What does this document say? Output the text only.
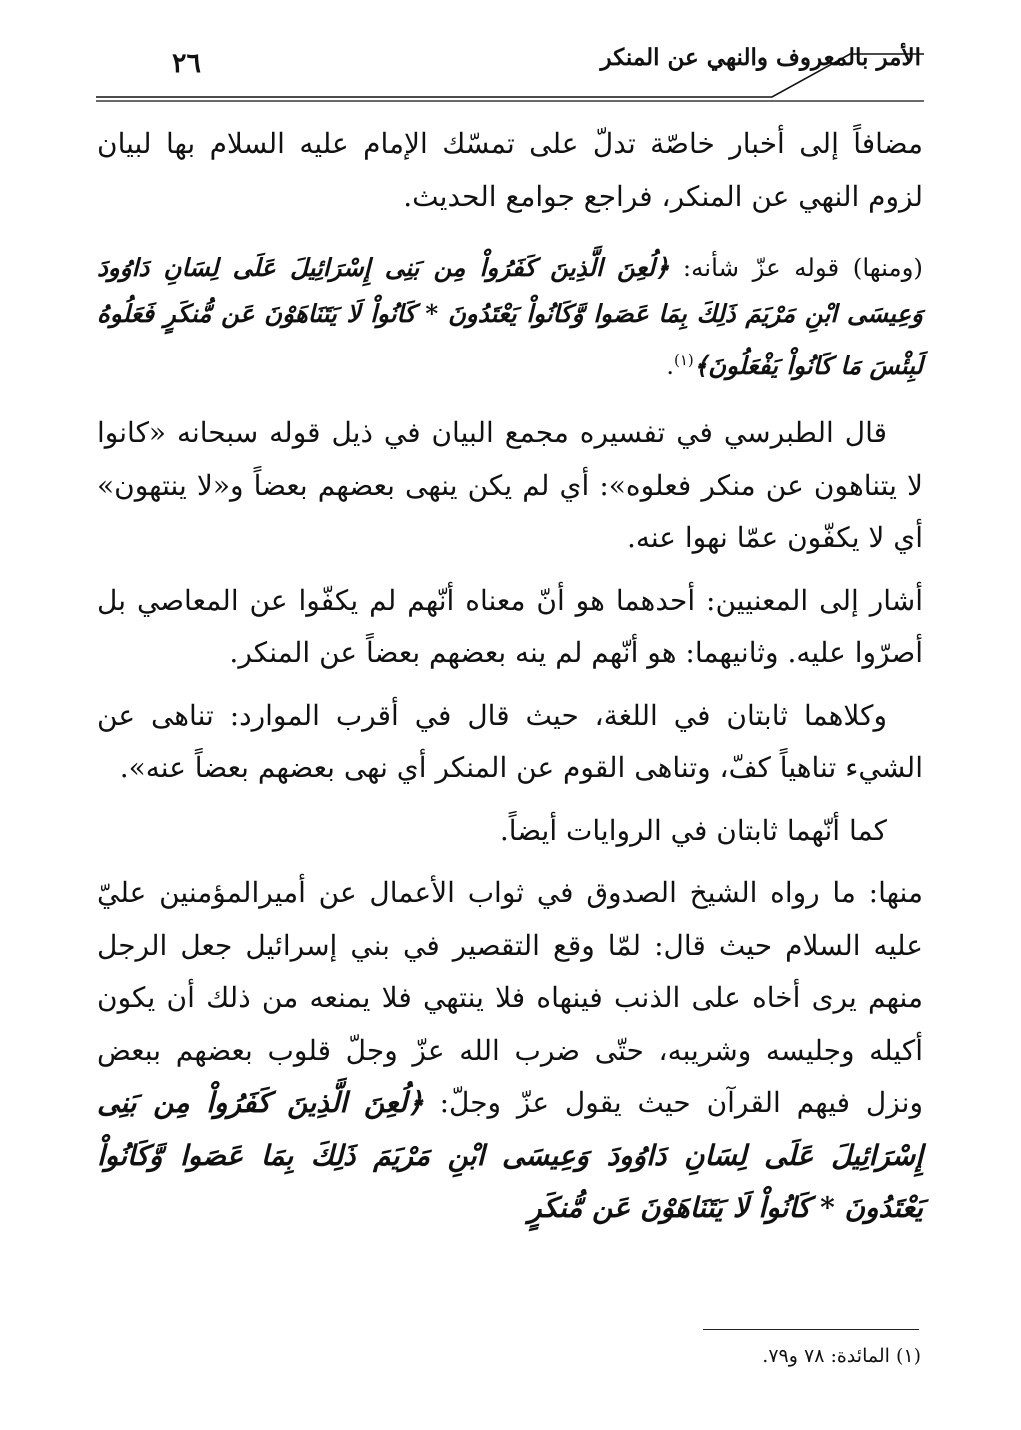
الأمر بالمعروف والنهي عن المنكر
٢٦

مضافاً إلى أخبار خاصّة تدلّ على تمسّك الإمام عليه السلام بها لبيان لزوم النهي عن المنكر، فراجع جوامع الحديث.

(ومنها) قوله عزّ شأنه: ﴿لُعِنَ الَّذِينَ كَفَرُواْ مِن بَنِى إِسْرَائِيلَ عَلَى لِسَانِ دَاوُودَ وَعِيسَى ابْنِ مَرْيَمَ ذَلِكَ بِمَا عَصَوا وَّكَانُواْ يَعْتَدُونَ * كَانُواْ لَا يَتَنَاهَوْنَ عَن مُّنكَرٍ فَعَلُوهُ لَبِئْسَ مَا كَانُواْ يَفْعَلُونَ﴾$^{(١)}$.

قال الطبرسي في تفسيره مجمع البيان في ذيل قوله سبحانه «كانوا لا يتناهون عن منكر فعلوه»: أي لم يكن ينهى بعضهم بعضاً و«لا ينتهون» أي لا يكفّون عمّا نهوا عنه.

أشار إلى المعنيين: أحدهما هو أنّ معناه أنّهم لم يكفّوا عن المعاصي بل أصرّوا عليه. وثانيهما: هو أنّهم لم ينه بعضهم بعضاً عن المنكر.

وكلاهما ثابتان في اللغة، حيث قال في أقرب الموارد: تناهى عن الشيء تناهياً كفّ، وتناهى القوم عن المنكر أي نهى بعضهم بعضاً عنه».

كما أنّهما ثابتان في الروايات أيضاً.

منها: ما رواه الشيخ الصدوق في ثواب الأعمال عن أميرالمؤمنين عليّ عليه السلام حيث قال: لمّا وقع التقصير في بني إسرائيل جعل الرجل منهم يرى أخاه على الذنب فينهاه فلا ينتهي فلا يمنعه من ذلك أن يكون أكيله وجليسه وشريبه، حتّى ضرب الله عزّ وجلّ قلوب بعضهم ببعض ونزل فيهم القرآن حيث يقول عزّ وجلّ: ﴿لُعِنَ الَّذِينَ كَفَرُواْ مِن بَنِى إِسْرَائِيلَ عَلَى لِسَانِ دَاوُودَ وَعِيسَى ابْنِ مَرْيَمَ ذَلِكَ بِمَا عَصَوا وَّكَانُواْ يَعْتَدُونَ * كَانُواْ لَا يَتَنَاهَوْنَ عَن مُّنكَرٍ

(١) المائدة: ٧٨ و٧٩.
